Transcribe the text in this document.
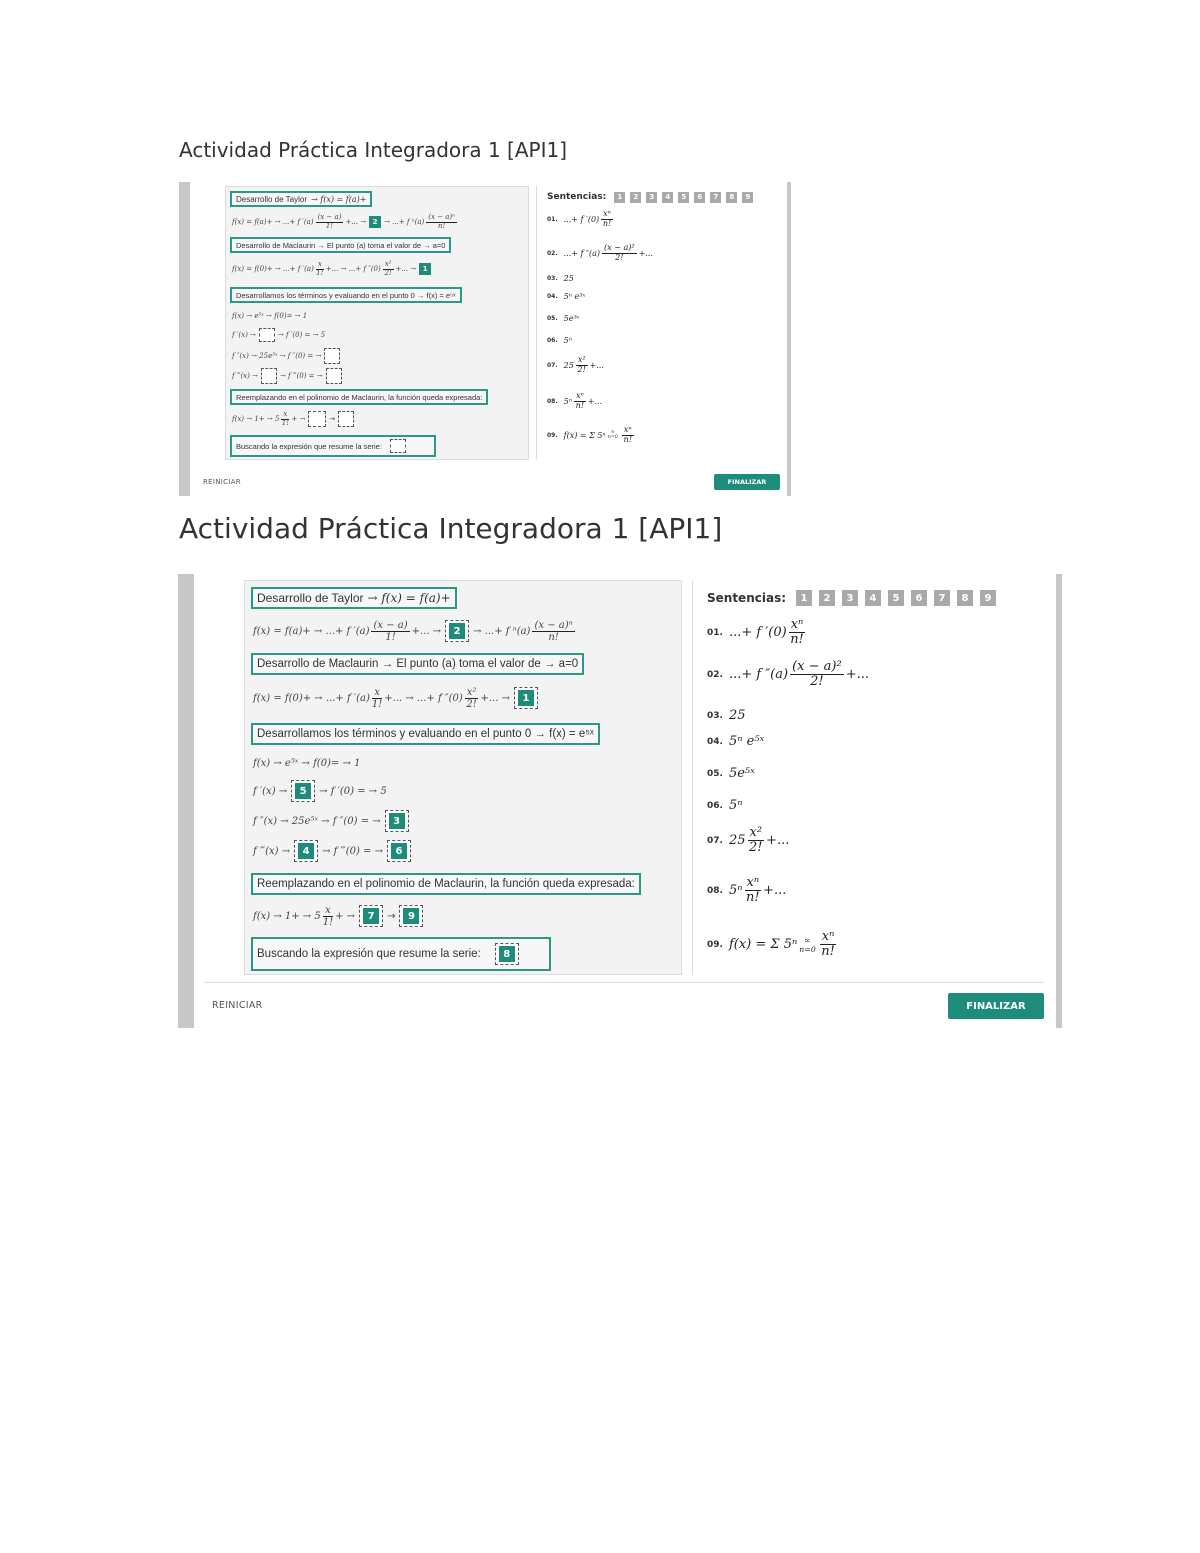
Actividad Práctica Integradora 1 [API1]
Actividad Práctica Integradora 1 [API1]
Desarrollo de Taylor → f(x) = f(a)+
f(x) = f(a)+ → ...+ f $'(a) \frac{(x - a)}{1!}$ +... → 2 → ...+ f $^n(a) \frac{\text{(x − a)ⁿ}}{n!}$
Desarrollo de Maclaurin → El punto (a) toma el valor de → a=0
f(x) = f(0)+ → ...+ f $'(a) \frac{x}{1!}$ +... → ...+ f $''(0) \frac{\text{x²}}{2!}$ +... → 1
Desarrollamos los términos y evaluando en el punto 0 → f(x) = e⁵ˣ
f(x) → e⁵ˣ → f(0)= → 1
f ′(x) →	→ f ′(0) = → 5
f ″(x) → 25e⁵ˣ → f ″(0) = →
f ‴(x) →	→ f ‴(0) = →
Reemplazando en el polinomio de Maclaurin, la función queda expresada:
$f(x) \to 1+ \to 5 \frac{x}{1!}$ + →	→
Buscando la expresión que resume la serie:
Sentencias:	1	2	3	4	5	6	7	8	9
01. ...+ f $'(0) \frac{\text{xⁿ}}{n!}$
02. ...+ f $''(a) \frac{\text{(x − a)²}}{2!}$ +...
03. 25
04. 5ⁿ e⁵ˣ
05. 5e⁵ˣ
06. 5ⁿ
07. $25 \frac{\text{x²}}{2!}$ +...
08. $5^n \frac{\text{xⁿ}}{n!}$ +...
09. f(x) = Σ 5ⁿ ∞
$n=0 \frac{\text{xⁿ}}{n!}$
REINICIAR	FINALIZAR
Desarrollo de Taylor → f(x) = f(a)+
f(x) = f(a)+ → ...+ f $'(a) \frac{(x - a)}{1!}$ +... →	2	→ ...+ f $^n(a) \frac{\text{(x − a)ⁿ}}{n!}$
Desarrollo de Maclaurin → El punto (a) toma el valor de → a=0
f(x) = f(0)+ → ...+ f $'(a) \frac{x}{1!}$ +... → ...+ f $''(0) \frac{\text{x²}}{2!}$ +... →	1
Desarrollamos los términos y evaluando en el punto 0 → f(x) = e⁵ˣ
f(x) → e⁵ˣ → f(0)= → 1
f ′(x) →	5	→ f ′(0) = → 5
f ″(x) → 25e⁵ˣ → f ″(0) = →	3
f ‴(x) →	4	→ f ‴(0) = →	6
Reemplazando en el polinomio de Maclaurin, la función queda expresada:
$f(x) \to 1+ \to 5 \frac{x}{1!}$ + →	7	→	9
Buscando la expresión que resume la serie:	8
Sentencias:	1	2	3	4	5	6	7	8	9
01. ...+ f $'(0) \frac{\text{xⁿ}}{n!}$
02. ...+ f $''(a) \frac{\text{(x − a)²}}{2!}$ +...
03. 25
04. 5ⁿ e⁵ˣ
05. 5e⁵ˣ
06. 5ⁿ
07. $25 \frac{\text{x²}}{2!}$ +...
08. $5^n \frac{\text{xⁿ}}{n!}$ +...
09. f(x) = Σ 5ⁿ ∞
$n=0 \frac{\text{xⁿ}}{n!}$
REINICIAR	FINALIZAR
